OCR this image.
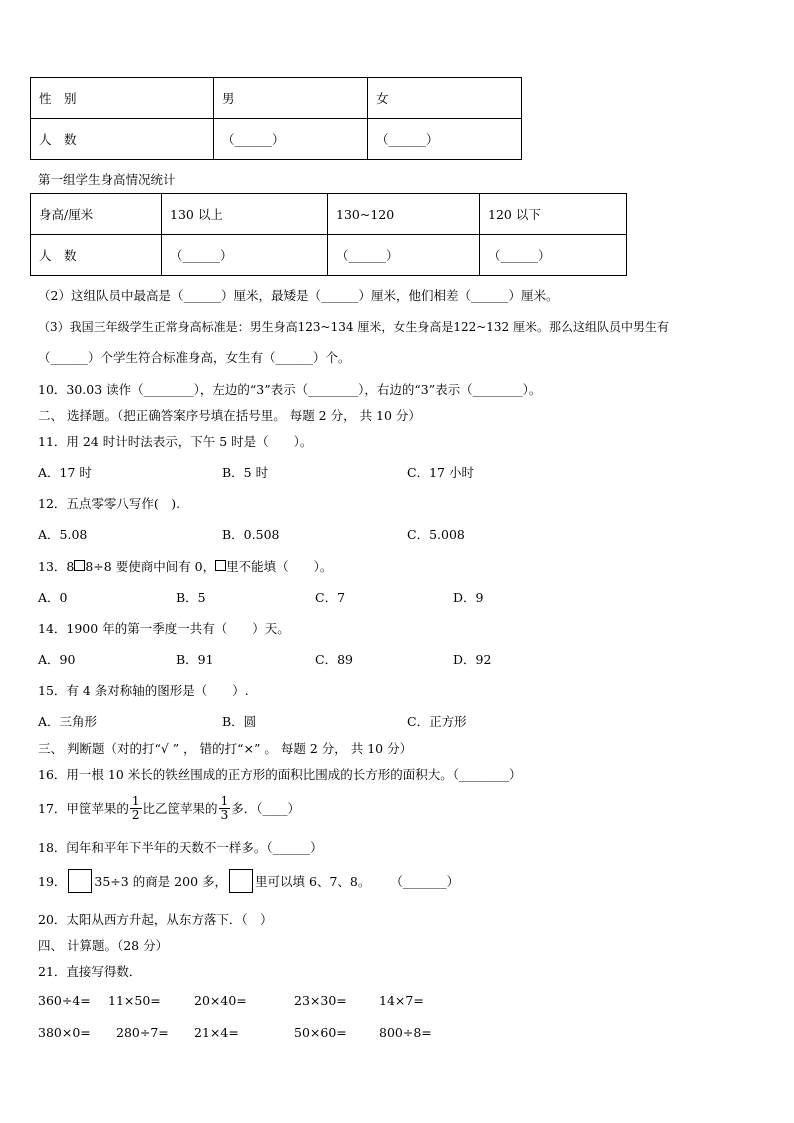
性　别	男	女
人　数	（______）	（______）
第一组学生身高情况统计
身高/厘米	130 以上	130~120	120 以下
人　数	（______）	（______）	（______）
（2）这组队员中最高是（______）厘米，最矮是（______）厘米，他们相差（______）厘米。
（3）我国三年级学生正常身高标准是：男生身高123~134 厘米，女生身高是122~132 厘米。那么这组队员中男生有
（______）个学生符合标准身高，女生有（______）个。
10．30.03 读作（________），左边的“3”表示（________），右边的“3”表示（________）。
二、 选择题。（把正确答案序号填在括号里。 每题 2 分， 共 10 分）
11．用 24 时计时法表示，下午 5 时是（　　）。
A．17 时	B．5 时	C．17 小时
12．五点零零八写作(　).
A．5.08	B．0.508	C．5.008
13．8 8÷8 要使商中间有 0， 里不能填（　　）。
A．0	B．5	C．7	D．9
14．1900 年的第一季度一共有（　　）天。
A．90	B．91	C．89	D．92
15．有 4 条对称轴的图形是（　　）.
A．三角形	B．圆	C．正方形
三、 判断题（对的打“√ ” ， 错的打“×” 。 每题 2 分， 共 10 分）
16．用一根 10 米长的铁丝围成的正方形的面积比围成的长方形的面积大。（________）
17．甲筐苹果的 $\frac{1}{2}$ 比乙筐苹果的 $\frac{1}{3}$ 多．（____）
18．闰年和平年下半年的天数不一样多。（______）
19． 35÷3 的商是 200 多， 里可以填 6、7、8。 （_______）
20．太阳从西方升起，从东方落下．（　）
四、 计算题。（28 分）
21．直接写得数．
360÷4= 11×50=	20×40=	23×30=	14×7=
380×0= 280÷7= 21×4=	50×60=	800÷8=
